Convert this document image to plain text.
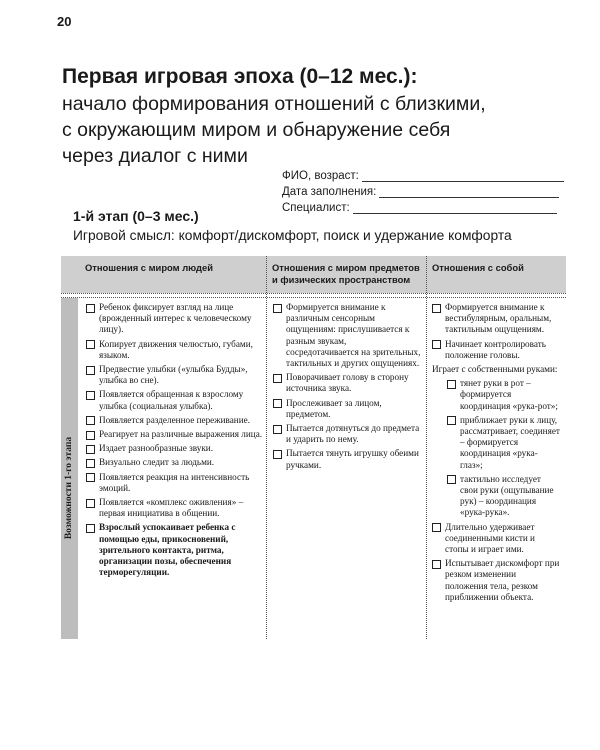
20
Первая игровая эпоха (0–12 мес.):
начало формирования отношений с близкими,
с окружающим миром и обнаружение себя
через диалог с ними
ФИО, возраст:
Дата заполнения:
Специалист:
1-й этап (0–3 мес.)
Игровой смысл: комфорт/дискомфорт, поиск и удержание комфорта
Отношения с миром людей	Отношения с миром предметов и физических пространством
Отношения с собой
Возможности 1-го этапа
Ребенок фиксирует взгляд на лице (врожденный интерес к человеческому лицу).
Копирует движения челюстью, губами, языком.
Предвестие улыбки («улыбка Будды», улыбка во сне).
Появляется обращенная к взрослому улыбка (социальная улыбка).
Появляется разделенное переживание.
Реагирует на различные выражения лица.
Издает разнообразные звуки.
Визуально следит за людьми.
Появляется реакция на интенсивность эмоций.
Появляется «комплекс оживления» – первая инициатива в общении.
Взрослый успокаивает ребенка с помощью еды, прикосновений, зрительного контакта, ритма, организации позы, обеспечения терморегуляции.
Формируется внимание к различным сенсорным ощущениям: прислушивается к разным звукам, сосредотачивается на зрительных, тактильных и других ощущениях.
Поворачивает голову в сторону источника звука.
Прослеживает за лицом, предметом.
Пытается дотянуться до предмета и ударить по нему.
Пытается тянуть игрушку обеими ручками.
Формируется внимание к вестибулярным, оральным, тактильным ощущениям.
Начинает контролировать положение головы.
Играет с собственными руками:
тянет руки в рот – формируется координация «рука-рот»;
приближает руки к лицу, рассматривает, соединяет – формируется координация «рука-глаз»;
тактильно исследует свои руки (ощупывание рук) – координация «рука-рука».
Длительно удерживает соединенными кисти и стопы и играет ими.
Испытывает дискомфорт при резком изменении положения тела, резком приближении объекта.
